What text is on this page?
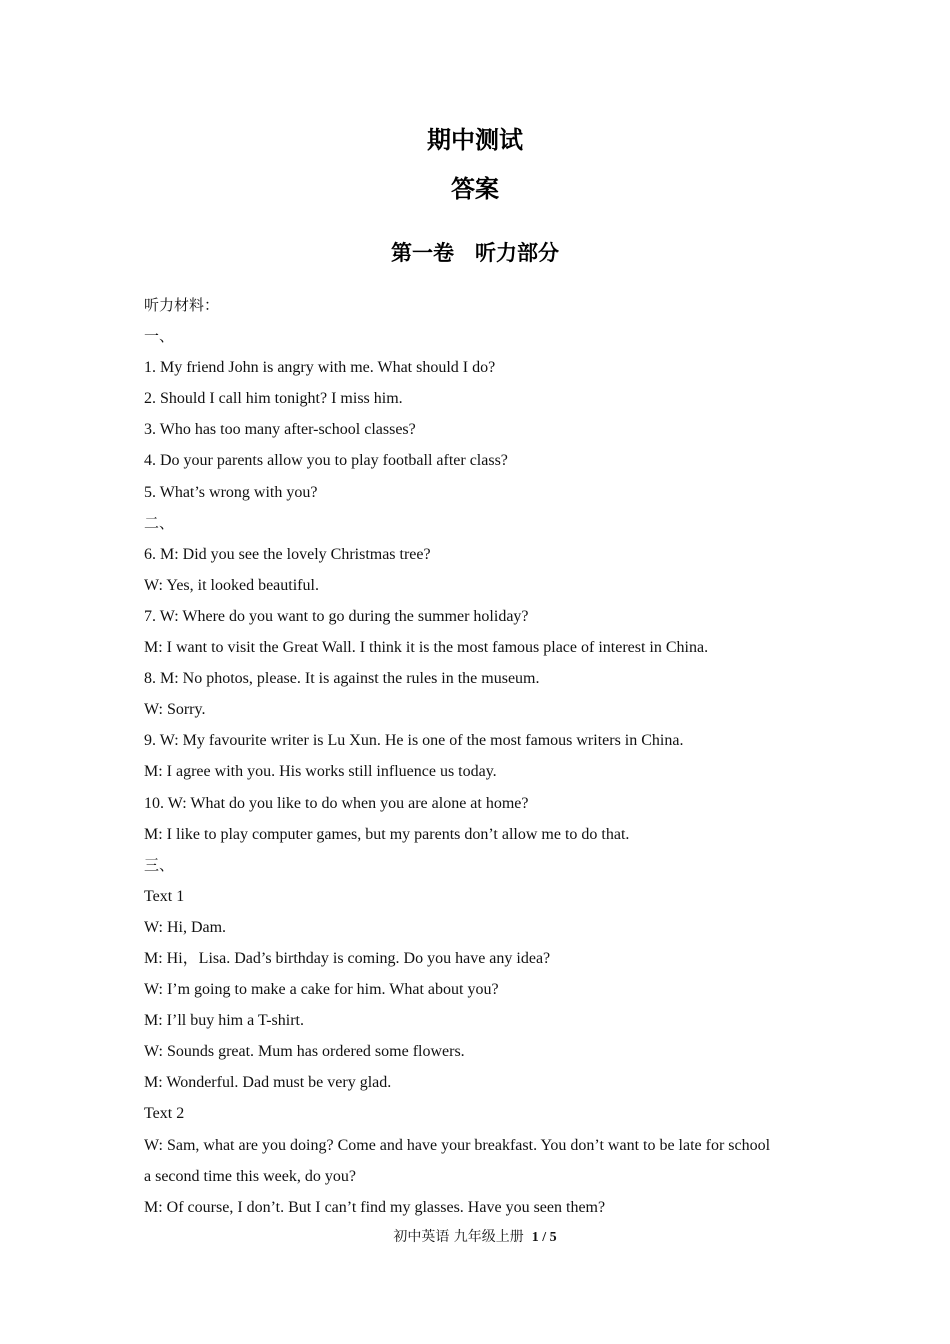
期中测试
答案
第一卷　听力部分
听力材料：
一、
1. My friend John is angry with me. What should I do?
2. Should I call him tonight? I miss him.
3. Who has too many after-school classes?
4. Do your parents allow you to play football after class?
5. What’s wrong with you?
二、
6. M: Did you see the lovely Christmas tree?
W: Yes, it looked beautiful.
7. W: Where do you want to go during the summer holiday?
M: I want to visit the Great Wall. I think it is the most famous place of interest in China.
8. M: No photos, please. It is against the rules in the museum.
W: Sorry.
9. W: My favourite writer is Lu Xun. He is one of the most famous writers in China.
M: I agree with you. His works still influence us today.
10. W: What do you like to do when you are alone at home?
M: I like to play computer games, but my parents don’t allow me to do that.
三、
Text 1
W: Hi, Dam.
M: Hi，Lisa. Dad’s birthday is coming. Do you have any idea?
W: I’m going to make a cake for him. What about you?
M: I’ll buy him a T-shirt.
W: Sounds great. Mum has ordered some flowers.
M: Wonderful. Dad must be very glad.
Text 2
W: Sam, what are you doing? Come and have your breakfast. You don’t want to be late for school
a second time this week, do you?
M: Of course, I don’t. But I can’t find my glasses. Have you seen them?
初中英语 九年级上册 1 / 5
